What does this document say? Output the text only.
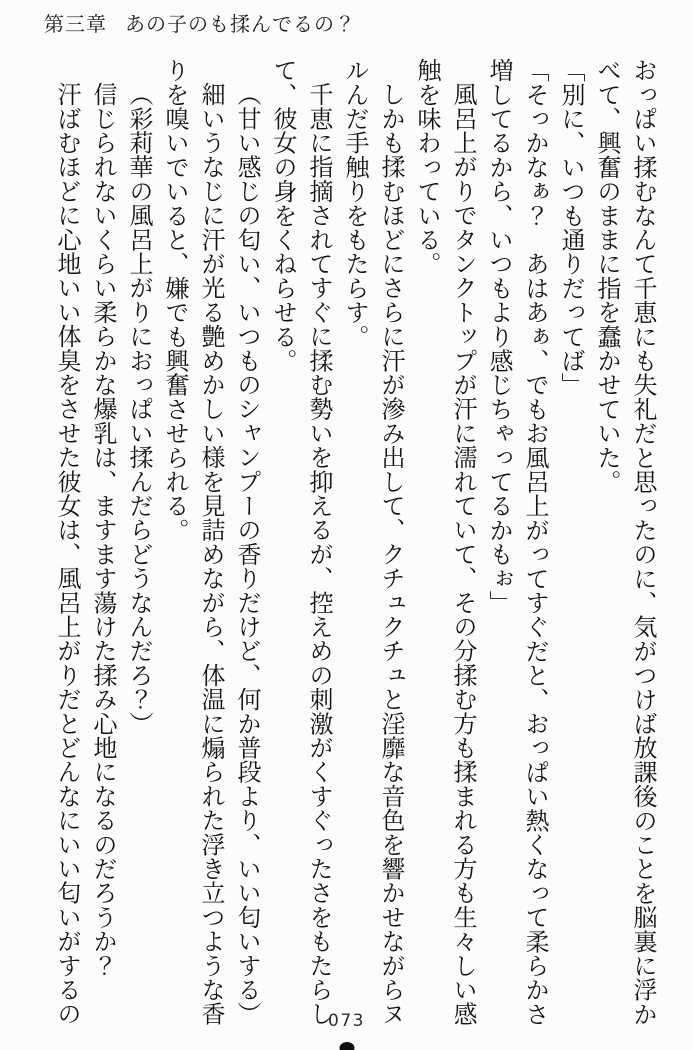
第三章 あの子のも揉んでるの？

おっぱい揉むなんて千恵にも失礼だと思ったのに、気がつけば放課後のことを脳裏に浮かべて、興奮のままに指を蠢かせていた。

「別に、いつも通りだってば」

「そっかなぁ？　あはあぁ、でもお風呂上がってすぐだと、おっぱい熱くなって柔らかさ増してるから、いつもより感じちゃってるかもぉ」

風呂上がりでタンクトップが汗に濡れていて、その分揉む方も揉まれる方も生々しい感触を味わっている。

しかも揉むほどにさらに汗が滲み出して、クチュクチュと淫靡な音色を響かせながらヌルんだ手触りをもたらす。

千恵に指摘されてすぐに揉む勢いを抑えるが、控えめの刺激がくすぐったさをもたらして、彼女の身をくねらせる。

（甘い感じの匂い、いつものシャンプーの香りだけど、何か普段より、いい匂いする）

細いうなじに汗が光る艶めかしい様を見詰めながら、体温に煽られた浮き立つような香りを嗅いでいると、嫌でも興奮させられる。

（彩莉華の風呂上がりにおっぱい揉んだらどうなんだろ？）

信じられないくらい柔らかな爆乳は、ますます蕩けた揉み心地になるのだろうか？

汗ばむほどに心地いい体臭をさせた彼女は、風呂上がりだとどんなにいい匂いがするの	073
